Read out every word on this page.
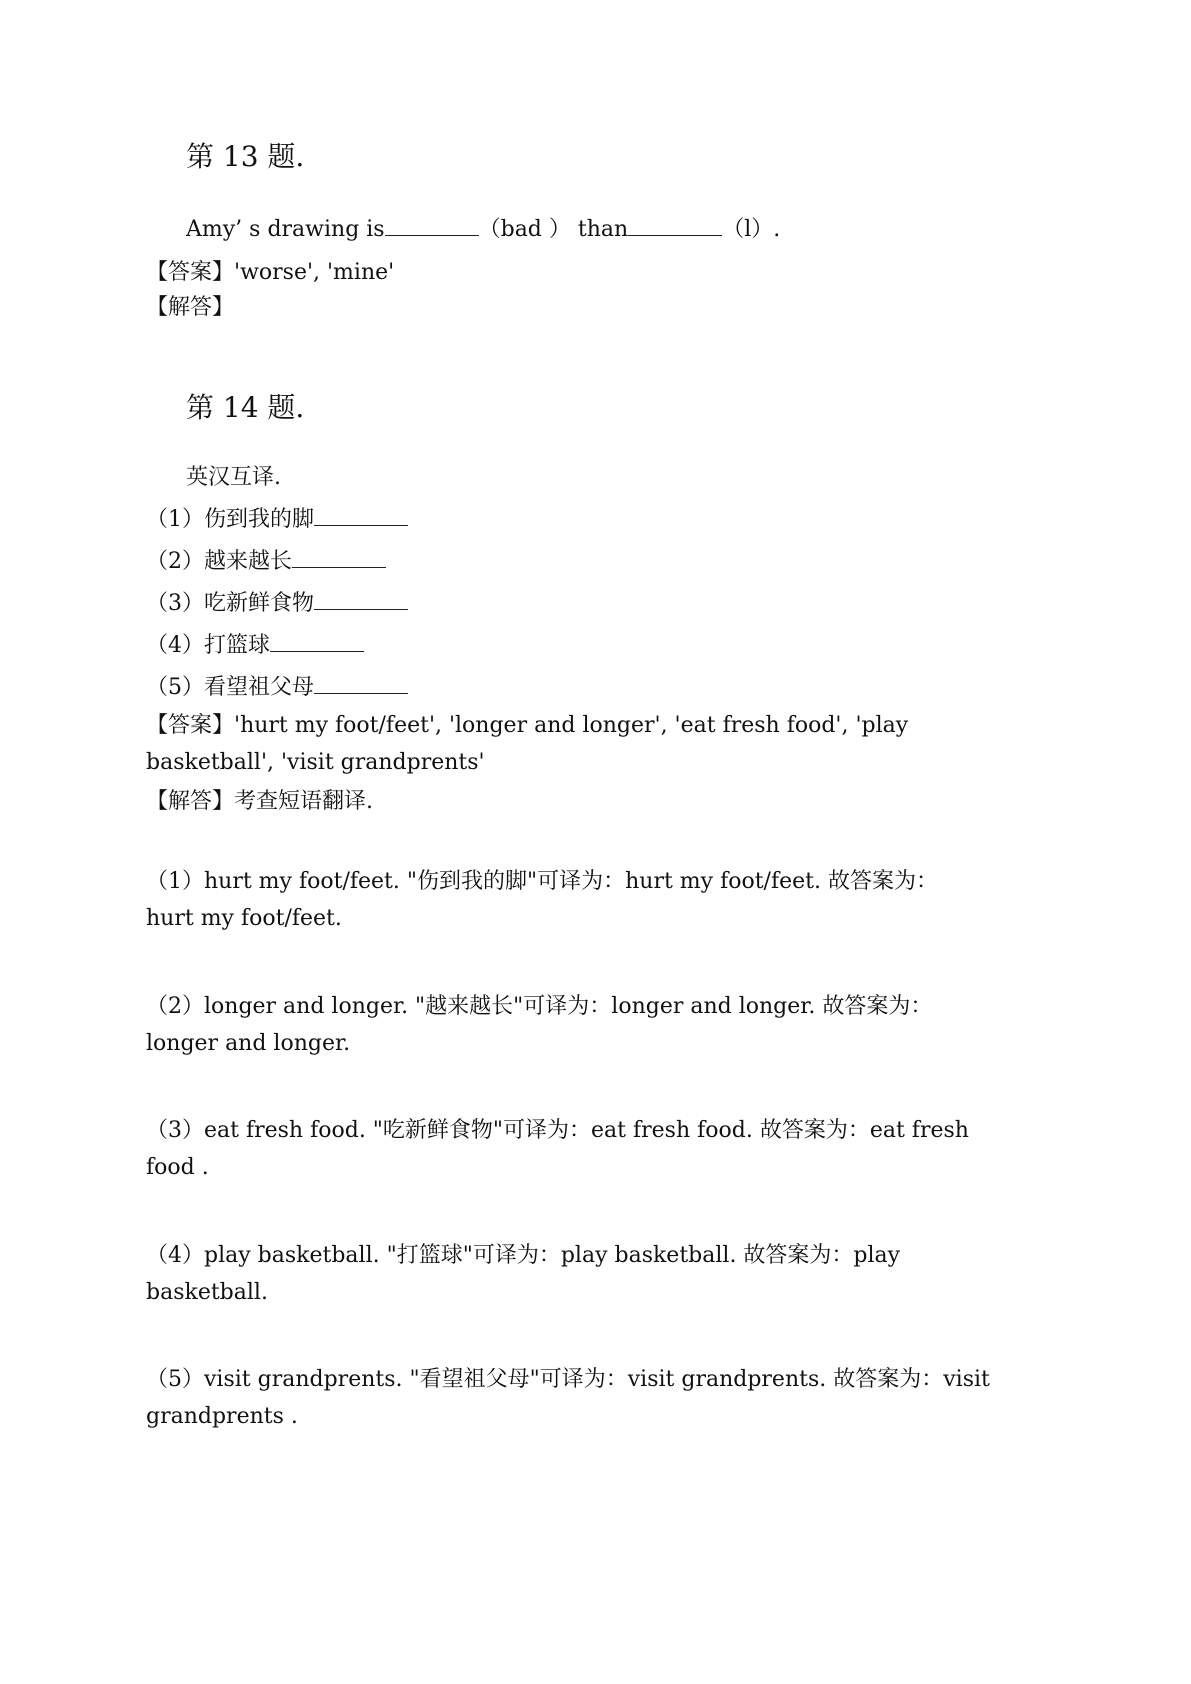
第 13 题.
Amy’ s drawing is	（bad ） than	（l）.
【答案】'worse', 'mine'
【解答】
第 14 题.
英汉互译.
（1）伤到我的脚
（2）越来越长
（3）吃新鲜食物
（4）打篮球
（5）看望祖父母
【答案】'hurt my foot/feet', 'longer and longer', 'eat fresh food', 'play
basketball', 'visit grandprents'
【解答】考查短语翻译.
（1）hurt my foot/feet. "伤到我的脚"可译为：hurt my foot/feet. 故答案为：
hurt my foot/feet.
（2）longer and longer. "越来越长"可译为：longer and longer. 故答案为：
longer and longer.
（3）eat fresh food. "吃新鲜食物"可译为：eat fresh food. 故答案为：eat fresh
food .
（4）play basketball. "打篮球"可译为：play basketball. 故答案为：play
basketball.
（5）visit grandprents. "看望祖父母"可译为：visit grandprents. 故答案为：visit
grandprents .
